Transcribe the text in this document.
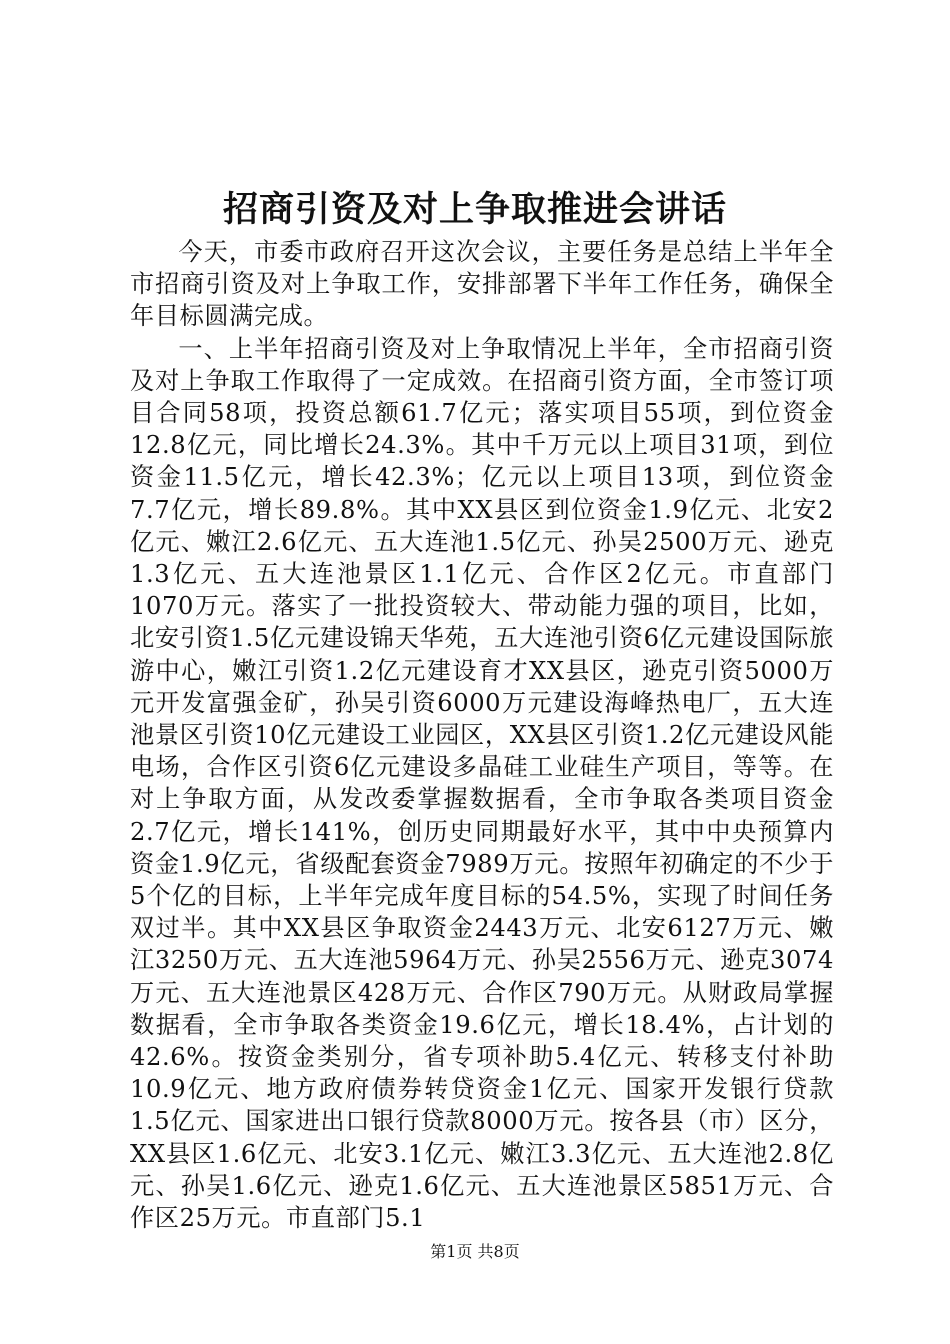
招商引资及对上争取推进会讲话

今天，市委市政府召开这次会议，主要任务是总结上半年全市招商引资及对上争取工作，安排部署下半年工作任务，确保全年目标圆满完成。

一、上半年招商引资及对上争取情况上半年，全市招商引资及对上争取工作取得了一定成效。在招商引资方面，全市签订项目合同58项，投资总额61.7亿元；落实项目55项，到位资金12.8亿元，同比增长24.3%。其中千万元以上项目31项，到位资金11.5亿元，增长42.3%；亿元以上项目13项，到位资金7.7亿元，增长89.8%。其中XX县区到位资金1.9亿元、北安2亿元、嫩江2.6亿元、五大连池1.5亿元、孙吴2500万元、逊克1.3亿元、五大连池景区1.1亿元、合作区2亿元。市直部门1070万元。落实了一批投资较大、带动能力强的项目，比如，北安引资1.5亿元建设锦天华苑，五大连池引资6亿元建设国际旅游中心，嫩江引资1.2亿元建设育才XX县区，逊克引资5000万元开发富强金矿，孙吴引资6000万元建设海峰热电厂，五大连池景区引资10亿元建设工业园区，XX县区引资1.2亿元建设风能电场，合作区引资6亿元建设多晶硅工业硅生产项目，等等。在对上争取方面，从发改委掌握数据看，全市争取各类项目资金2.7亿元，增长141%，创历史同期最好水平，其中中央预算内资金1.9亿元，省级配套资金7989万元。按照年初确定的不少于5个亿的目标，上半年完成年度目标的54.5%，实现了时间任务双过半。其中XX县区争取资金2443万元、北安6127万元、嫩江3250万元、五大连池5964万元、孙吴2556万元、逊克3074万元、五大连池景区428万元、合作区790万元。从财政局掌握数据看，全市争取各类资金19.6亿元，增长18.4%，占计划的42.6%。按资金类别分，省专项补助5.4亿元、转移支付补助10.9亿元、地方政府债券转贷资金1亿元、国家开发银行贷款1.5亿元、国家进出口银行贷款8000万元。按各县（市）区分，XX县区1.6亿元、北安3.1亿元、嫩江3.3亿元、五大连池2.8亿元、孙吴1.6亿元、逊克1.6亿元、五大连池景区5851万元、合作区25万元。市直部门5.1

第1页 共8页
